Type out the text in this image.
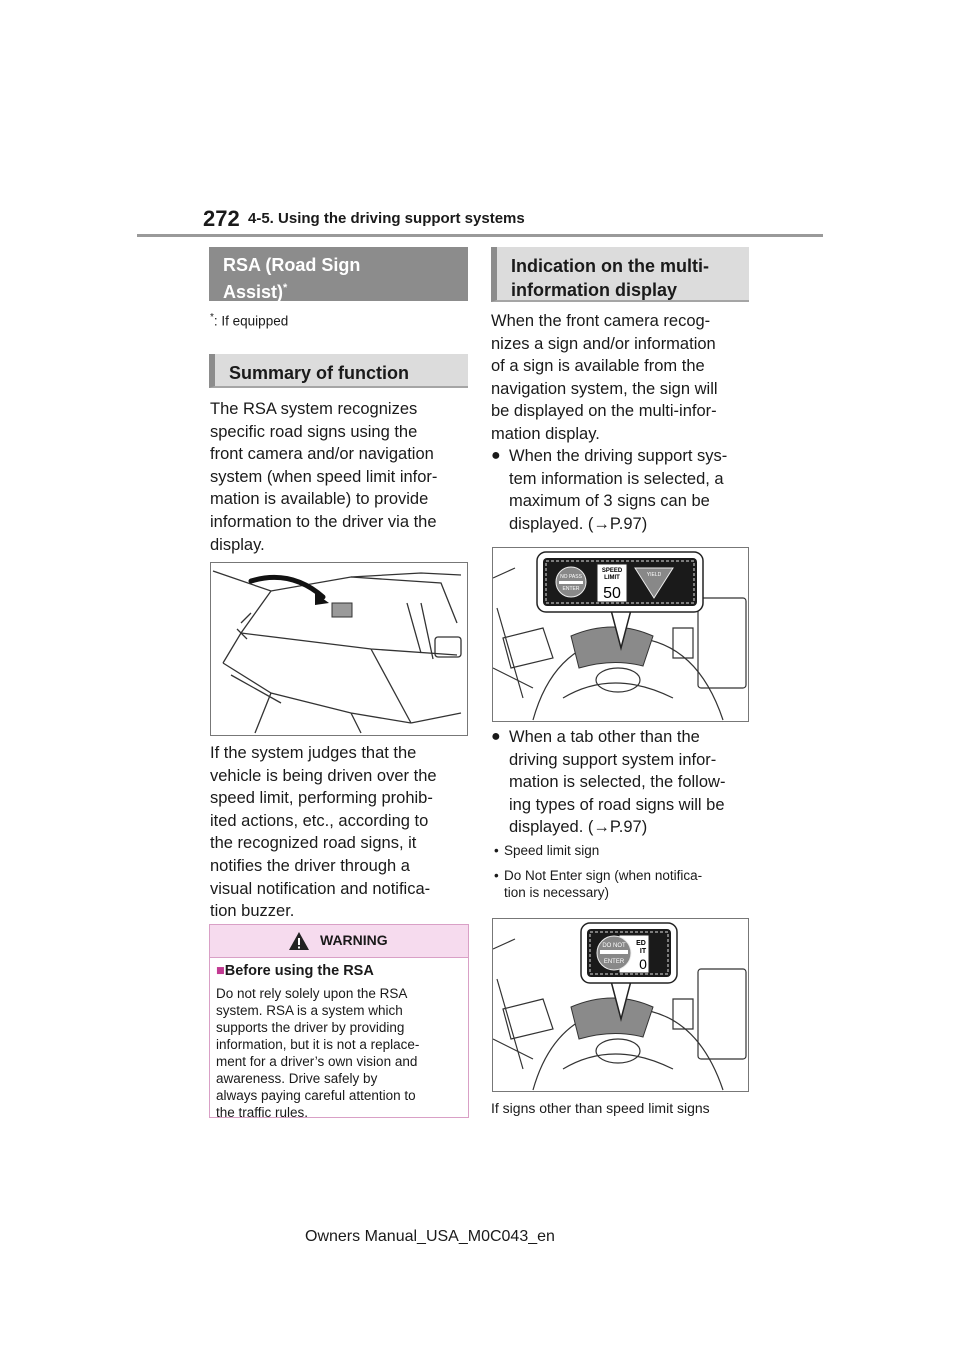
272 4-5. Using the driving support systems
RSA (Road Sign
Assist)*
*: If equipped
Summary of function
The RSA system recognizes
specific road signs using the
front camera and/or navigation
system (when speed limit infor-
mation is available) to provide
information to the driver via the
display.
If the system judges that the
vehicle is being driven over the
speed limit, performing prohib-
ited actions, etc., according to
the recognized road signs, it
notifies the driver through a
visual notification and notifica-
tion buzzer.
WARNING
■Before using the RSA
Do not rely solely upon the RSA
system. RSA is a system which
supports the driver by providing
information, but it is not a replace-
ment for a driver’s own vision and
awareness. Drive safely by
always paying careful attention to
the traffic rules.
Indication on the multi-
information display
When the front camera recog-
nizes a sign and/or information
of a sign is available from the
navigation system, the sign will
be displayed on the multi-infor-
mation display.
● When the driving support sys-
tem information is selected, a
maximum of 3 signs can be
displayed. (→P.97)
NO PASS
ENTER
SPEED
LIMIT
50
YIELD
● When a tab other than the
driving support system infor-
mation is selected, the follow-
ing types of road signs will be
displayed. (→P.97)
• Speed limit sign
• Do Not Enter sign (when notifica-
tion is necessary)
ED
IT
0
DO NOT
ENTER
If signs other than speed limit signs
Owners Manual_USA_M0C043_en
